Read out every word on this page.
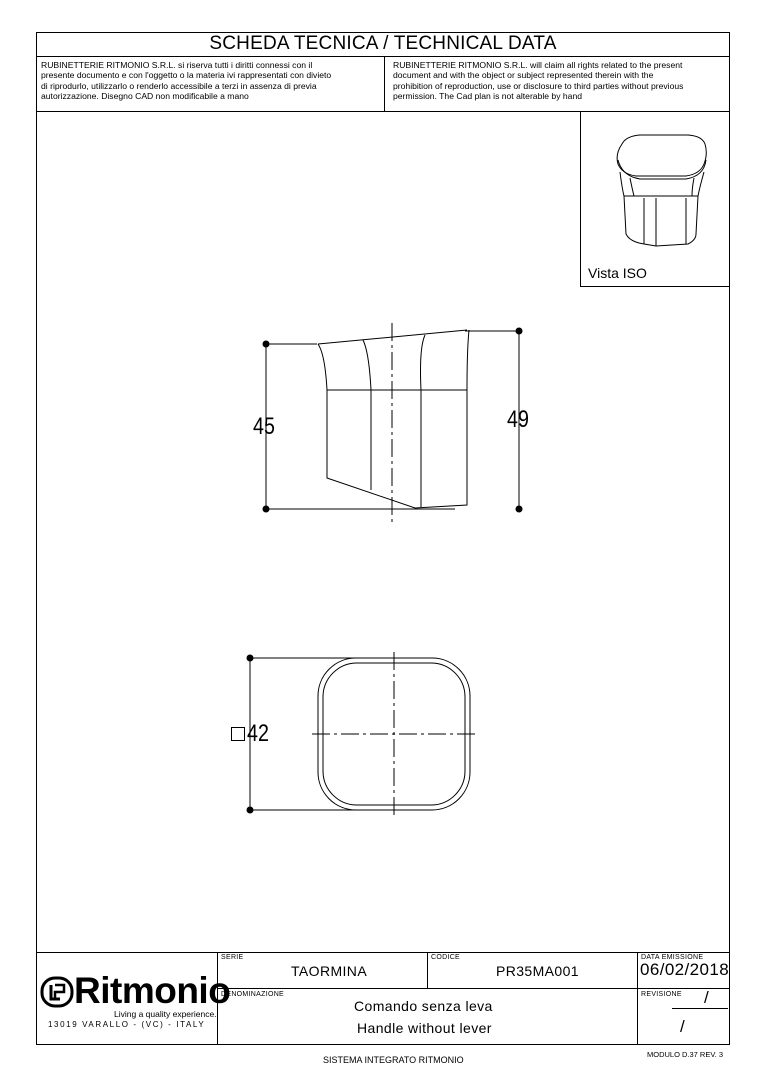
SCHEDA TECNICA / TECHNICAL DATA
RUBINETTERIE RITMONIO S.R.L. si riserva tutti i diritti connessi con il
presente documento e con l'oggetto o la materia ivi rappresentati con divieto
di riprodurlo, utilizzarlo o renderlo accessibile a terzi in assenza di previa
autorizzazione. Disegno CAD non modificabile a mano
RUBINETTERIE RITMONIO S.R.L. will claim all rights related to the present
document and with the object or subject represented therein with the
prohibition of reproduction, use or disclosure to third parties without previous
permission. The Cad plan is not alterable by hand
Vista ISO
45	49
42
Ritmonio
Living a quality experience.
13019 VARALLO - (VC) - ITALY
SERIE
TAORMINA
CODICE
PR35MA001
DATA EMISSIONE
06/02/2018
DENOMINAZIONE
Comando senza leva
Handle without lever
REVISIONE /
/
SISTEMA INTEGRATO RITMONIO
MODULO D.37 REV. 3
